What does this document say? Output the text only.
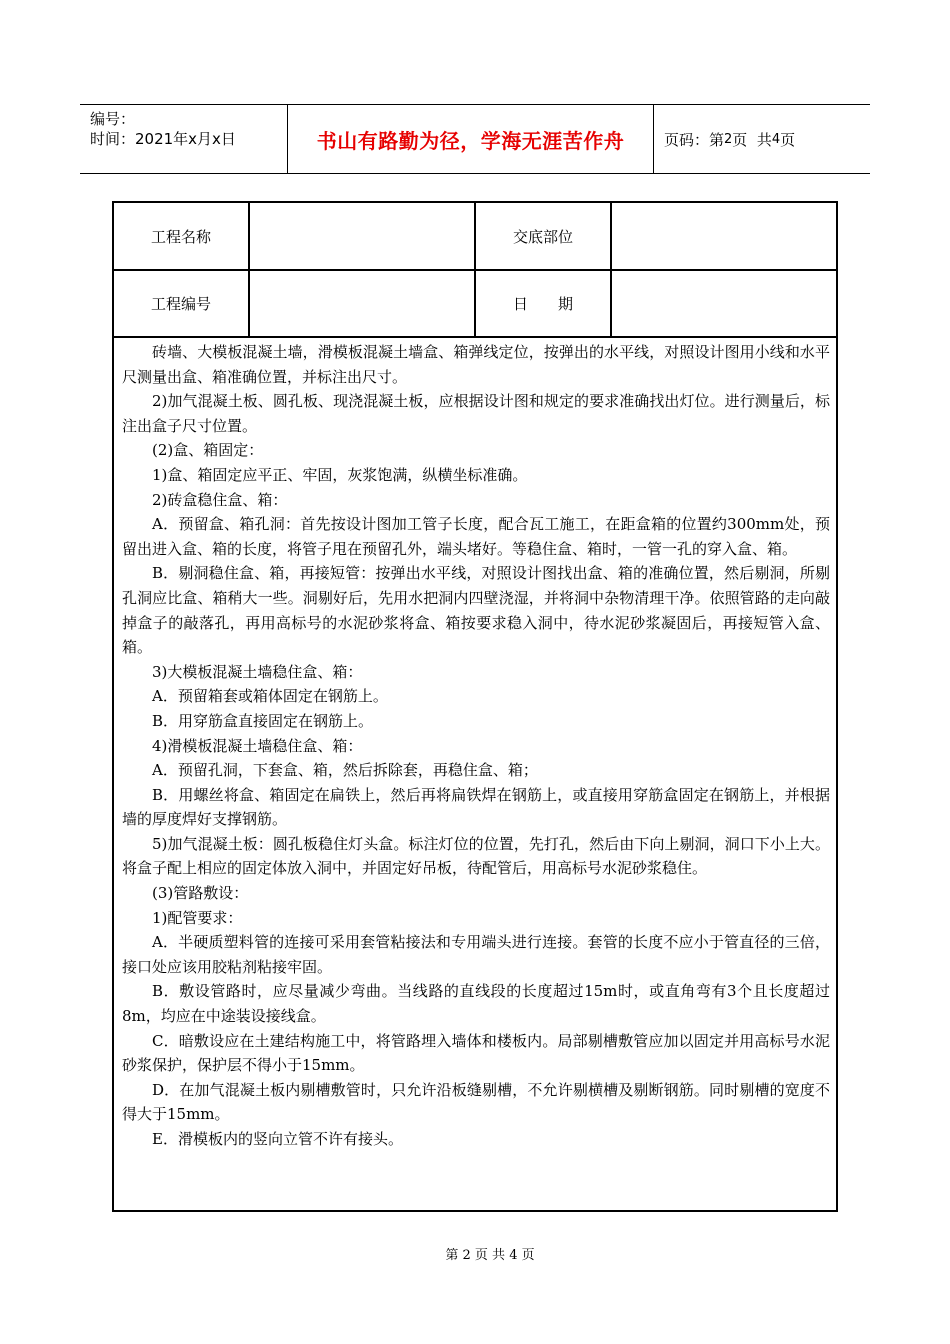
编号：
时间：2021年x月x日	书山有路勤为径，学海无涯苦作舟	页码：第 2 页  共 4 页
工程名称	交底部位
工程编号	日　　期

砖墙、大模板混凝土墙，滑模板混凝土墙盒、箱弹线定位，按弹出的水平线，对照设计图用小线和水平尺测量出盒、箱准确位置，并标注出尺寸。

2)加气混凝土板、圆孔板、现浇混凝土板，应根据设计图和规定的要求准确找出灯位。进行测量后，标注出盒子尺寸位置。

(2)盒、箱固定：

1)盒、箱固定应平正、牢固，灰浆饱满，纵横坐标准确。

2)砖盒稳住盒、箱：

A．预留盒、箱孔洞：首先按设计图加工管子长度，配合瓦工施工，在距盒箱的位置约300mm处，预留出进入盒、箱的长度，将管子甩在预留孔外，端头堵好。等稳住盒、箱时，一管一孔的穿入盒、箱。

B．剔洞稳住盒、箱，再接短管：按弹出水平线，对照设计图找出盒、箱的准确位置，然后剔洞，所剔孔洞应比盒、箱稍大一些。洞剔好后，先用水把洞内四壁浇湿，并将洞中杂物清理干净。依照管路的走向敲掉盒子的敲落孔，再用高标号的水泥砂浆将盒、箱按要求稳入洞中，待水泥砂浆凝固后，再接短管入盒、箱。

3)大模板混凝土墙稳住盒、箱：

A．预留箱套或箱体固定在钢筋上。

B．用穿筋盒直接固定在钢筋上。

4)滑模板混凝土墙稳住盒、箱：

A．预留孔洞，下套盒、箱，然后拆除套，再稳住盒、箱；

B．用螺丝将盒、箱固定在扁铁上，然后再将扁铁焊在钢筋上，或直接用穿筋盒固定在钢筋上，并根据墙的厚度焊好支撑钢筋。

5)加气混凝土板：圆孔板稳住灯头盒。标注灯位的位置，先打孔，然后由下向上剔洞，洞口下小上大。将盒子配上相应的固定体放入洞中，并固定好吊板，待配管后，用高标号水泥砂浆稳住。

(3)管路敷设：

1)配管要求：

A．半硬质塑料管的连接可采用套管粘接法和专用端头进行连接。套管的长度不应小于管直径的三倍，接口处应该用胶粘剂粘接牢固。

B．敷设管路时，应尽量减少弯曲。当线路的直线段的长度超过15m时，或直角弯有3个且长度超过8m，均应在中途装设接线盒。

C．暗敷设应在土建结构施工中，将管路埋入墙体和楼板内。局部剔槽敷管应加以固定并用高标号水泥砂浆保护，保护层不得小于15mm。

D．在加气混凝土板内剔槽敷管时，只允许沿板缝剔槽，不允许剔横槽及剔断钢筋。同时剔槽的宽度不得大于15mm。

E．滑模板内的竖向立管不许有接头。

第 2 页 共 4 页
